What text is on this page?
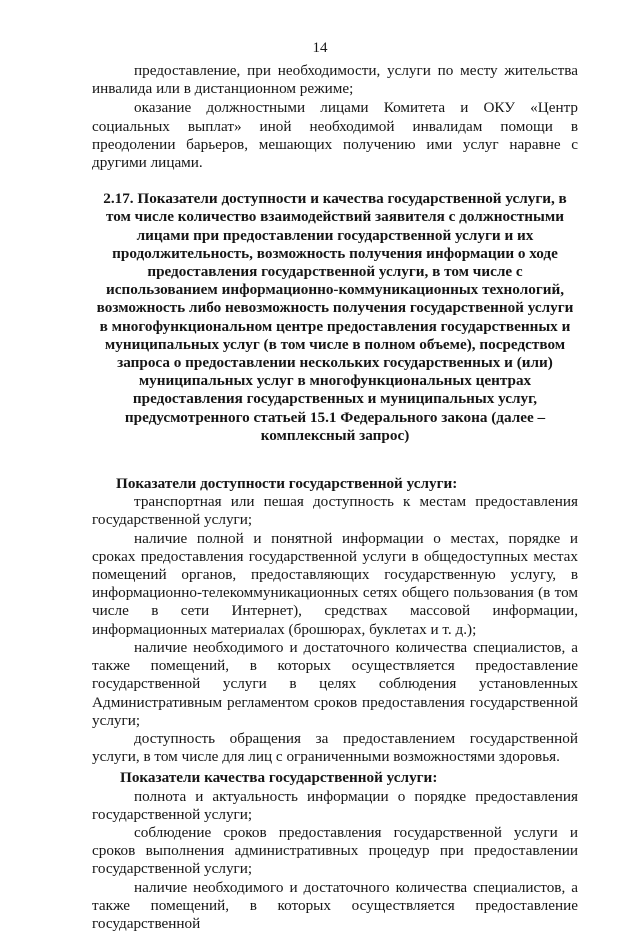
14

предоставление, при необходимости, услуги по месту жительства инвалида или в дистанционном режиме;

оказание должностными лицами Комитета и ОКУ «Центр социальных выплат» иной необходимой инвалидам помощи в преодолении барьеров, мешающих получению ими услуг наравне с другими лицами.

2.17. Показатели доступности и качества государственной услуги, в том числе количество взаимодействий заявителя с должностными лицами при предоставлении государственной услуги и их продолжительность, возможность получения информации о ходе предоставления государственной услуги, в том числе с использованием информационно-коммуникационных технологий, возможность либо невозможность получения государственной услуги в многофункциональном центре предоставления государственных и муниципальных услуг (в том числе в полном объеме), посредством запроса о предоставлении нескольких государственных и (или) муниципальных услуг в многофункциональных центрах предоставления государственных и муниципальных услуг, предусмотренного статьей 15.1 Федерального закона (далее – комплексный запрос)
Показатели доступности государственной услуги:

транспортная или пешая доступность к местам предоставления государственной услуги;

наличие полной и понятной информации о местах, порядке и сроках предоставления государственной услуги в общедоступных местах помещений органов, предоставляющих государственную услугу, в информационно-телекоммуникационных сетях общего пользования (в том числе в сети Интернет), средствах массовой информации, информационных материалах (брошюрах, буклетах и т. д.);

наличие необходимого и достаточного количества специалистов, а также помещений, в которых осуществляется предоставление государственной услуги в целях соблюдения установленных Административным регламентом сроков предоставления государственной услуги;

доступность обращения за предоставлением государственной услуги, в том числе для лиц с ограниченными возможностями здоровья.

Показатели качества государственной услуги:

полнота и актуальность информации о порядке предоставления государственной услуги;

соблюдение сроков предоставления государственной услуги и сроков выполнения административных процедур при предоставлении государственной услуги;

наличие необходимого и достаточного количества специалистов, а также помещений, в которых осуществляется предоставление государственной
